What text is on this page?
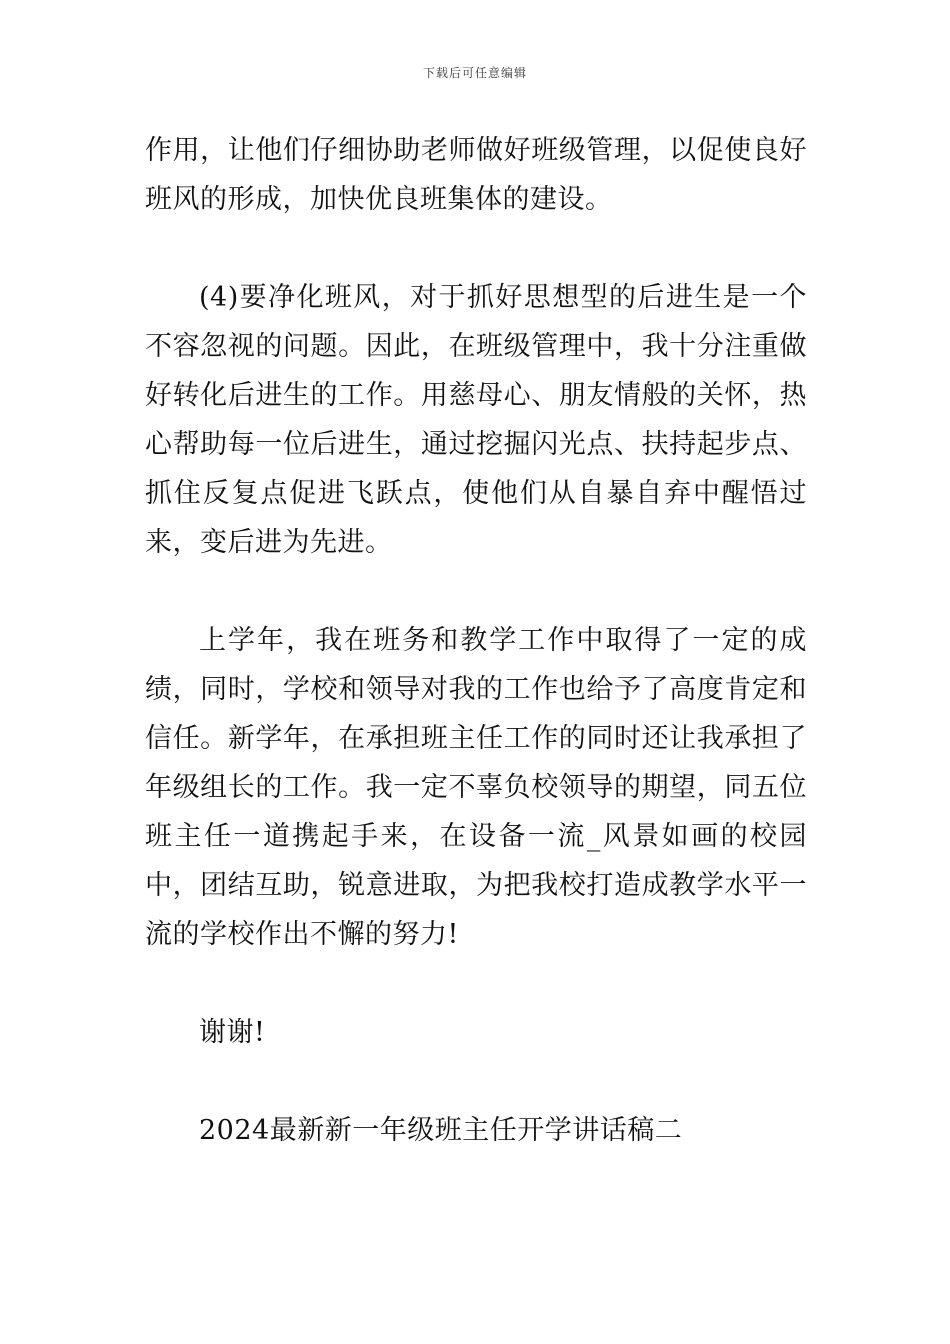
下载后可任意编辑

作用，让他们仔细协助老师做好班级管理，以促使良好班风的形成，加快优良班集体的建设。

(4)要净化班风，对于抓好思想型的后进生是一个不容忽视的问题。因此，在班级管理中，我十分注重做好转化后进生的工作。用慈母心、朋友情般的关怀，热心帮助每一位后进生，通过挖掘闪光点、扶持起步点、抓住反复点促进飞跃点，使他们从自暴自弃中醒悟过来，变后进为先进。

上学年，我在班务和教学工作中取得了一定的成绩，同时，学校和领导对我的工作也给予了高度肯定和信任。新学年，在承担班主任工作的同时还让我承担了年级组长的工作。我一定不辜负校领导的期望，同五位班主任一道携起手来，在设备一流_风景如画的校园中，团结互助，锐意进取，为把我校打造成教学水平一流的学校作出不懈的努力!

谢谢!

2024最新新一年级班主任开学讲话稿二
